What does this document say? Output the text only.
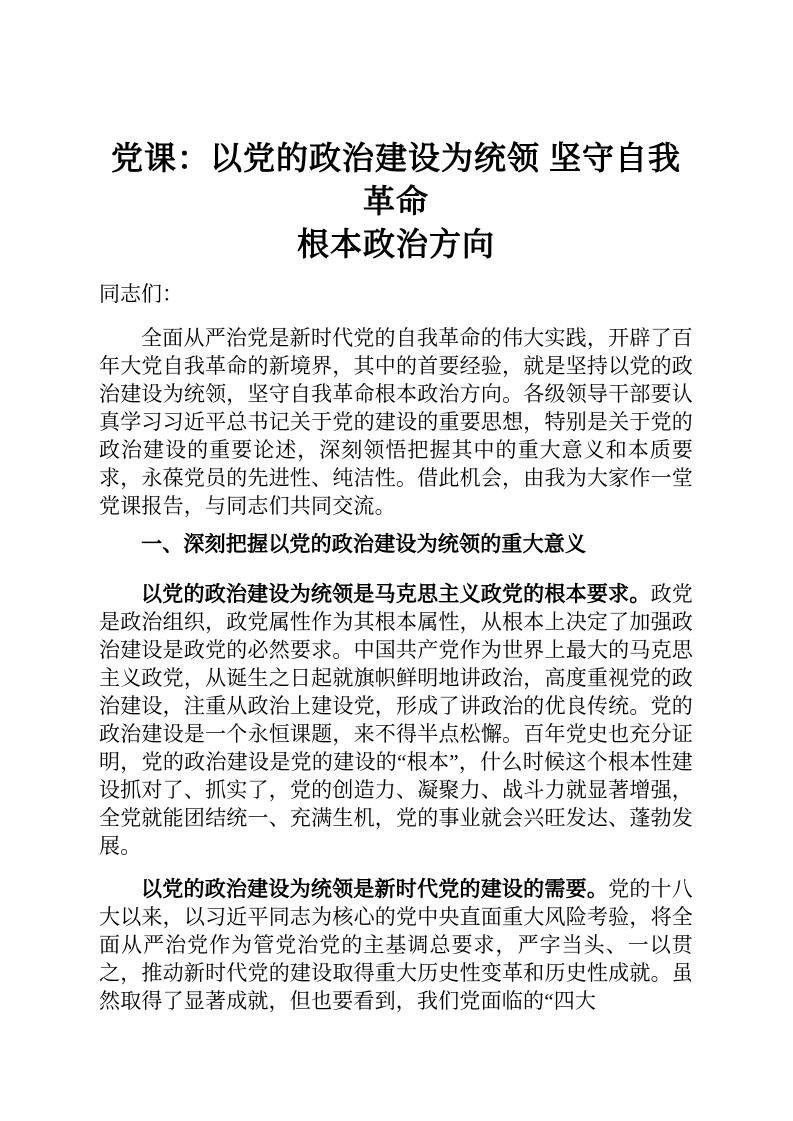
党课：以党的政治建设为统领 坚守自我革命
根本政治方向

同志们：

全面从严治党是新时代党的自我革命的伟大实践，开辟了百年大党自我革命的新境界，其中的首要经验，就是坚持以党的政治建设为统领，坚守自我革命根本政治方向。各级领导干部要认真学习习近平总书记关于党的建设的重要思想，特别是关于党的政治建设的重要论述，深刻领悟把握其中的重大意义和本质要求，永葆党员的先进性、纯洁性。借此机会，由我为大家作一堂党课报告，与同志们共同交流。

一、深刻把握以党的政治建设为统领的重大意义

以党的政治建设为统领是马克思主义政党的根本要求。政党是政治组织，政党属性作为其根本属性，从根本上决定了加强政治建设是政党的必然要求。中国共产党作为世界上最大的马克思主义政党，从诞生之日起就旗帜鲜明地讲政治，高度重视党的政治建设，注重从政治上建设党，形成了讲政治的优良传统。党的政治建设是一个永恒课题，来不得半点松懈。百年党史也充分证明，党的政治建设是党的建设的“根本”，什么时候这个根本性建设抓对了、抓实了，党的创造力、凝聚力、战斗力就显著增强，全党就能团结统一、充满生机，党的事业就会兴旺发达、蓬勃发展。

以党的政治建设为统领是新时代党的建设的需要。党的十八大以来，以习近平同志为核心的党中央直面重大风险考验，将全面从严治党作为管党治党的主基调总要求，严字当头、一以贯之，推动新时代党的建设取得重大历史性变革和历史性成就。虽然取得了显著成就，但也要看到，我们党面临的“四大
